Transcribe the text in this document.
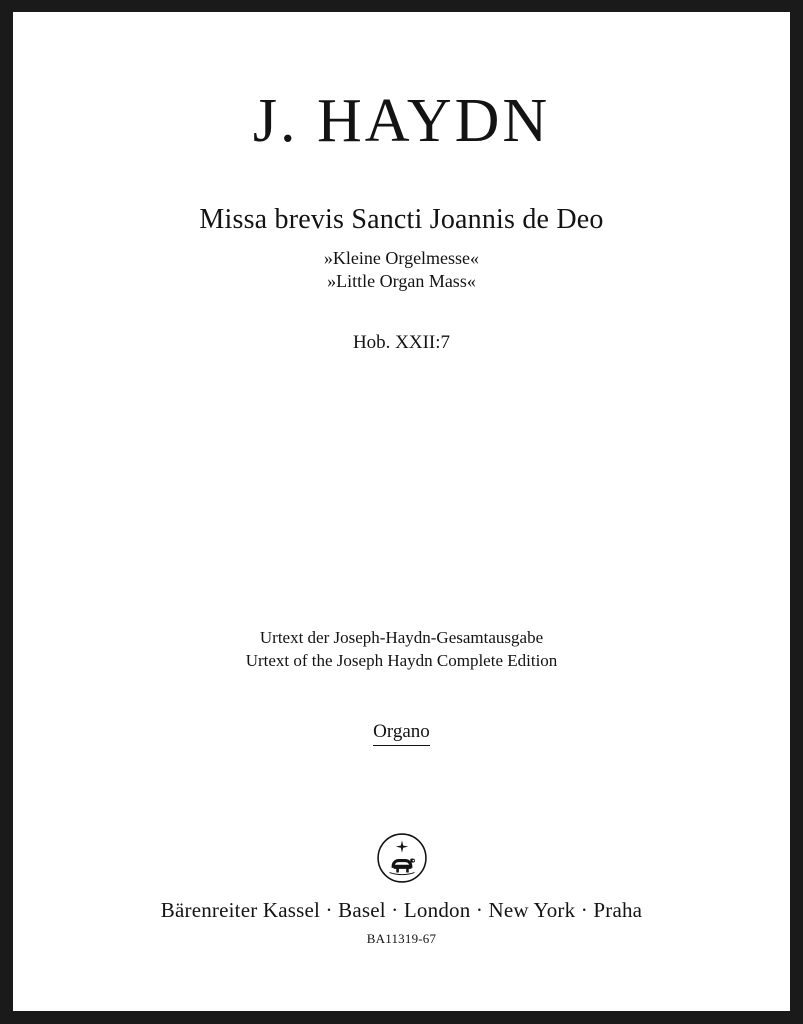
J. HAYDN
Missa brevis Sancti Joannis de Deo
»Kleine Orgelmesse«
»Little Organ Mass«
Hob. XXII:7
Urtext der Joseph-Haydn-Gesamtausgabe
Urtext of the Joseph Haydn Complete Edition
Organo
Bärenreiter Kassel · Basel · London · New York · Praha
BA11319-67
